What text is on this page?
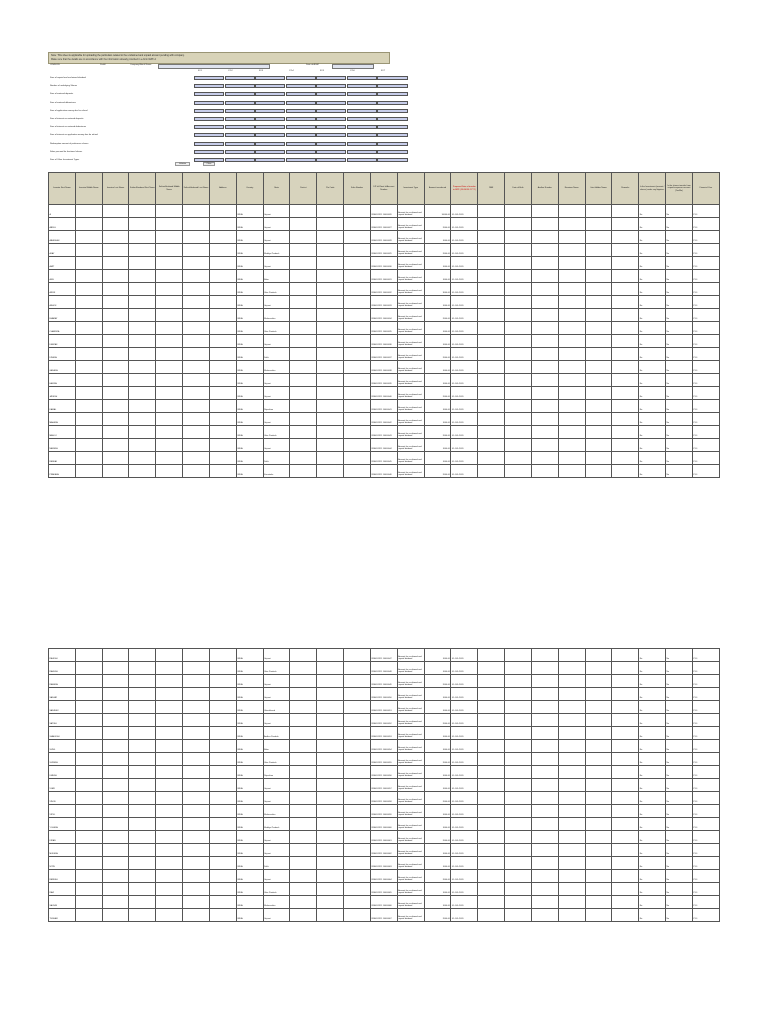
Note: This sheet is applicable for uploading the particulars related to the unclaimed and unpaid amount pending with company.
Make sure that the details are in accordance with the information already provided in e-form IEPF-2
CIN/BCIN	Prefill	Company/Bank Name	Date of AGM
FY-1	FY-2	FY-3	FY-4	FY-5	FY-6	FY-7
Sum of unpaid and unclaimed dividend
Number of underlying Shares
Sum of matured deposits
Sum of matured debentures
Sum of application money due for refund
Sum of interest on matured deposits
Sum of interest on matured debentures
Sum of interest on application money due for refund
Redemption amount of preference shares
Sales proceed for fractional shares
Sum of Other Investment Types
Validate	Clear
Investor First Name	Investor Middle Name	Investor Last Name	Father/Husband First Name	Father/Husband Middle Name	Father/Husband Last Name	Address	Country	State	District	Pin Code	Folio Number	DP Id-Client Id-Account Number	Investment Type	Amount transferred	Proposed Date of transfer to IEPF (DD-MON-YYYY)	PAN	Date of Birth	Aadhar Number	Nominee Name	Joint Holder Name	Remarks	Is the Investment (amount / shares) under any litigation.	Is the shares transfer from unpaid suspense account (Yes/No)	Financial Year
A							INDIA	Gujarat				IN30051311 10000026	Amount for unclaimed and unpaid dividend	10000.00	01-JUL-2020							No	No	FY-1
ABDUL							INDIA	Gujarat				IN30051311 10000027	Amount for unclaimed and unpaid dividend	2000.00	01-JUL-2020							No	No	FY-1
ABHISHEK							INDIA	Gujarat				IN30051311 10000028	Amount for unclaimed and unpaid dividend	1000.00	01-JUL-2020							No	No	FY-1
AJAY							INDIA	Madhya Pradesh				IN30051311 10000029	Amount for unclaimed and unpaid dividend	2000.00	01-JUL-2020							No	No	FY-1
AMIT							INDIA	Gujarat				IN30051311 10000030	Amount for unclaimed and unpaid dividend	1000.00	01-JUL-2020							No	No	FY-1
ANIL							INDIA	Bihar				IN30051311 10000031	Amount for unclaimed and unpaid dividend	1000.00	01-JUL-2020							No	No	FY-1
ARUN							INDIA	Uttar Pradesh				IN30051311 10000032	Amount for unclaimed and unpaid dividend	3000.00	01-JUL-2020							No	No	FY-1
ASHOK							INDIA	Gujarat				IN30051311 10000033	Amount for unclaimed and unpaid dividend	1000.00	01-JUL-2020							No	No	FY-1
BHARAT							INDIA	Maharashtra				IN30051311 10000034	Amount for unclaimed and unpaid dividend	2000.00	01-JUL-2020							No	No	FY-1
CHANDRA							INDIA	Uttar Pradesh				IN30051311 10000035	Amount for unclaimed and unpaid dividend	1000.00	01-JUL-2020							No	No	FY-1
DEEPAK							INDIA	Gujarat				IN30051311 10000036	Amount for unclaimed and unpaid dividend	1000.00	01-JUL-2020							No	No	FY-1
DINESH							INDIA	Delhi				IN30051311 10000037	Amount for unclaimed and unpaid dividend	2000.00	01-JUL-2020							No	No	FY-1
GANESH							INDIA	Maharashtra				IN30051311 10000038	Amount for unclaimed and unpaid dividend	1000.00	01-JUL-2020							No	No	FY-1
HARISH							INDIA	Gujarat				IN30051311 10000039	Amount for unclaimed and unpaid dividend	1000.00	01-JUL-2020							No	No	FY-1
JAYESH							INDIA	Gujarat				IN30051311 10000040	Amount for unclaimed and unpaid dividend	2000.00	01-JUL-2020							No	No	FY-1
KAMAL							INDIA	Rajasthan				IN30051311 10000041	Amount for unclaimed and unpaid dividend	1000.00	01-JUL-2020							No	No	FY-1
MAHESH							INDIA	Gujarat				IN30051311 10000042	Amount for unclaimed and unpaid dividend	1000.00	01-JUL-2020							No	No	FY-1
MANOJ							INDIA	Uttar Pradesh				IN30051311 10000043	Amount for unclaimed and unpaid dividend	2000.00	01-JUL-2020							No	No	FY-1
NARESH							INDIA	Gujarat				IN30051311 10000044	Amount for unclaimed and unpaid dividend	1000.00	01-JUL-2020							No	No	FY-1
PANKAJ							INDIA	Delhi				IN30051311 10000045	Amount for unclaimed and unpaid dividend	1000.00	01-JUL-2020							No	No	FY-1
PRAKASH							INDIA	Karnataka				IN30051311 10000046	Amount for unclaimed and unpaid dividend	2000.00	01-JUL-2020							No	No	FY-1
RAJESH							INDIA	Gujarat				IN30051311 10000047	Amount for unclaimed and unpaid dividend	1000.00	01-JUL-2020							No	No	FY-1
RAKESH							INDIA	Uttar Pradesh				IN30051311 10000048	Amount for unclaimed and unpaid dividend	1000.00	01-JUL-2020							No	No	FY-1
RAMESH							INDIA	Gujarat				IN30051311 10000049	Amount for unclaimed and unpaid dividend	2000.00	01-JUL-2020							No	No	FY-1
SANJAY							INDIA	Gujarat				IN30051311 10000050	Amount for unclaimed and unpaid dividend	1000.00	01-JUL-2020							No	No	FY-1
SANJEEV							INDIA	Uttarakhand				IN30051311 10000051	Amount for unclaimed and unpaid dividend	1000.00	01-JUL-2020							No	No	FY-1
SATISH							INDIA	Gujarat				IN30051311 10000052	Amount for unclaimed and unpaid dividend	2000.00	01-JUL-2020							No	No	FY-1
SHAILESH							INDIA	Andhra Pradesh				IN30051311 10000053	Amount for unclaimed and unpaid dividend	1000.00	01-JUL-2020							No	No	FY-1
SUNIL							INDIA	Bihar				IN30051311 10000054	Amount for unclaimed and unpaid dividend	1000.00	01-JUL-2020							No	No	FY-1
SURESH							INDIA	Uttar Pradesh				IN30051311 10000055	Amount for unclaimed and unpaid dividend	2000.00	01-JUL-2020							No	No	FY-1
UMESH							INDIA	Rajasthan				IN30051311 10000056	Amount for unclaimed and unpaid dividend	1000.00	01-JUL-2020							No	No	FY-1
VIJAY							INDIA	Gujarat				IN30051311 10000057	Amount for unclaimed and unpaid dividend	1000.00	01-JUL-2020							No	No	FY-1
VINOD							INDIA	Gujarat				IN30051311 10000058	Amount for unclaimed and unpaid dividend	2000.00	01-JUL-2020							No	No	FY-1
VIPUL							INDIA	Maharashtra				IN30051311 10000059	Amount for unclaimed and unpaid dividend	1000.00	01-JUL-2020							No	No	FY-1
YOGESH							INDIA	Madhya Pradesh				IN30051311 10000060	Amount for unclaimed and unpaid dividend	1000.00	01-JUL-2020							No	No	FY-1
KIRAN							INDIA	Gujarat				IN30051311 10000061	Amount for unclaimed and unpaid dividend	2000.00	01-JUL-2020							No	No	FY-1
MUKESH							INDIA	Gujarat				IN30051311 10000062	Amount for unclaimed and unpaid dividend	1000.00	01-JUL-2020							No	No	FY-1
NITIN							INDIA	Delhi				IN30051311 10000063	Amount for unclaimed and unpaid dividend	1000.00	01-JUL-2020							No	No	FY-1
PARESH							INDIA	Gujarat				IN30051311 10000064	Amount for unclaimed and unpaid dividend	2000.00	01-JUL-2020							No	No	FY-1
RAVI							INDIA	Uttar Pradesh				IN30051311 10000065	Amount for unclaimed and unpaid dividend	1000.00	01-JUL-2020							No	No	FY-1
SACHIN							INDIA	Maharashtra				IN30051311 10000066	Amount for unclaimed and unpaid dividend	1000.00	01-JUL-2020							No	No	FY-1
TUSHAR							INDIA	Gujarat				IN30051311 10000067	Amount for unclaimed and unpaid dividend	2000.00	01-JUL-2020							No	No	FY-1
